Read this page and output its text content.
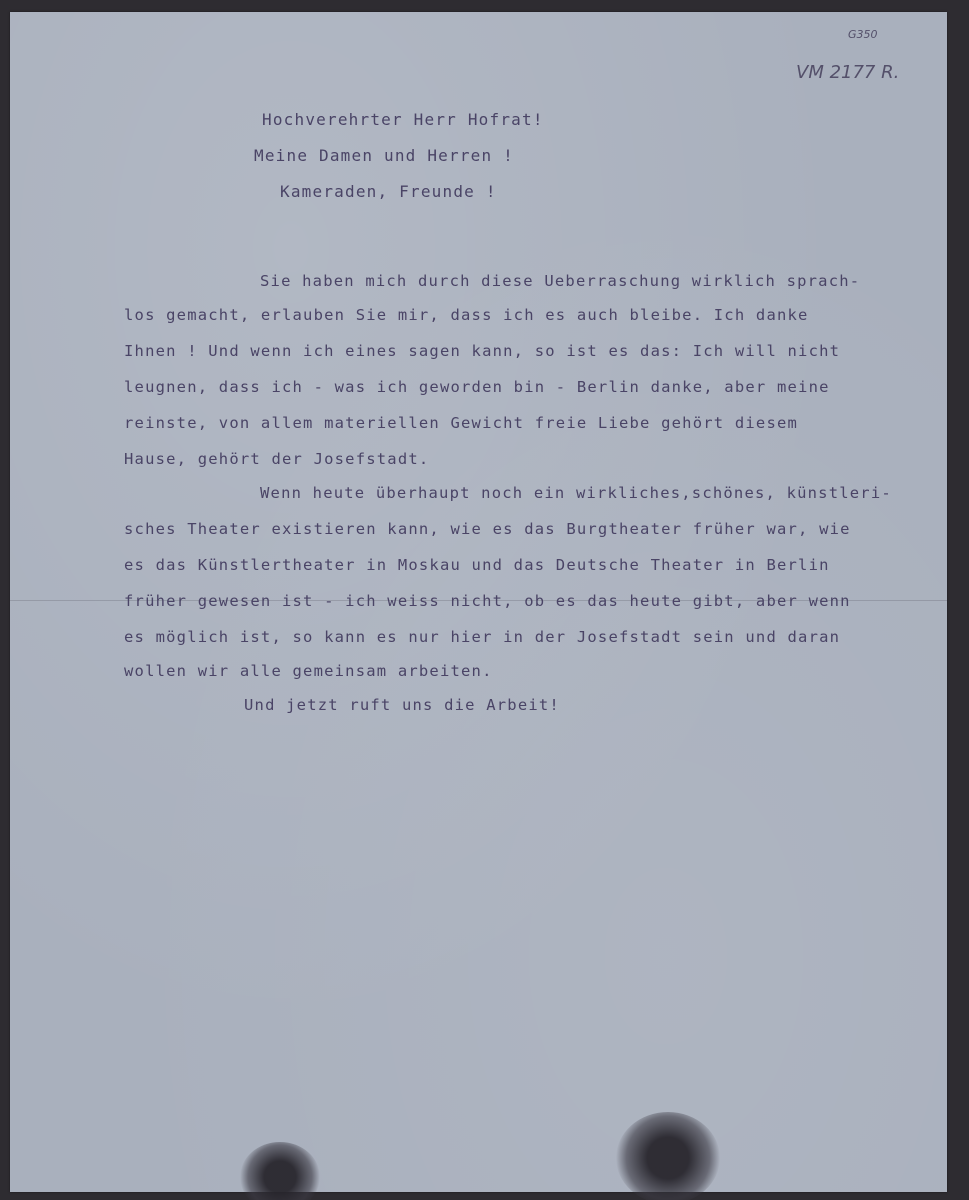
G350
VM 2177 R.
Hochverehrter Herr Hofrat!
Meine Damen und Herren !
Kameraden, Freunde !
Sie haben mich durch diese Ueberraschung wirklich sprach-
los gemacht, erlauben Sie mir, dass ich es auch bleibe. Ich danke
Ihnen ! Und wenn ich eines sagen kann, so ist es das: Ich will nicht
leugnen, dass ich - was ich geworden bin - Berlin danke, aber meine
reinste, von allem materiellen Gewicht freie Liebe gehört diesem
Hause, gehört der Josefstadt.
Wenn heute überhaupt noch ein wirkliches,schönes, künstleri-
sches Theater existieren kann, wie es das Burgtheater früher war, wie
es das Künstlertheater in Moskau und das Deutsche Theater in Berlin
früher gewesen ist - ich weiss nicht, ob es das heute gibt, aber wenn
es möglich ist, so kann es nur hier in der Josefstadt sein und daran
wollen wir alle gemeinsam arbeiten.
Und jetzt ruft uns die Arbeit!
